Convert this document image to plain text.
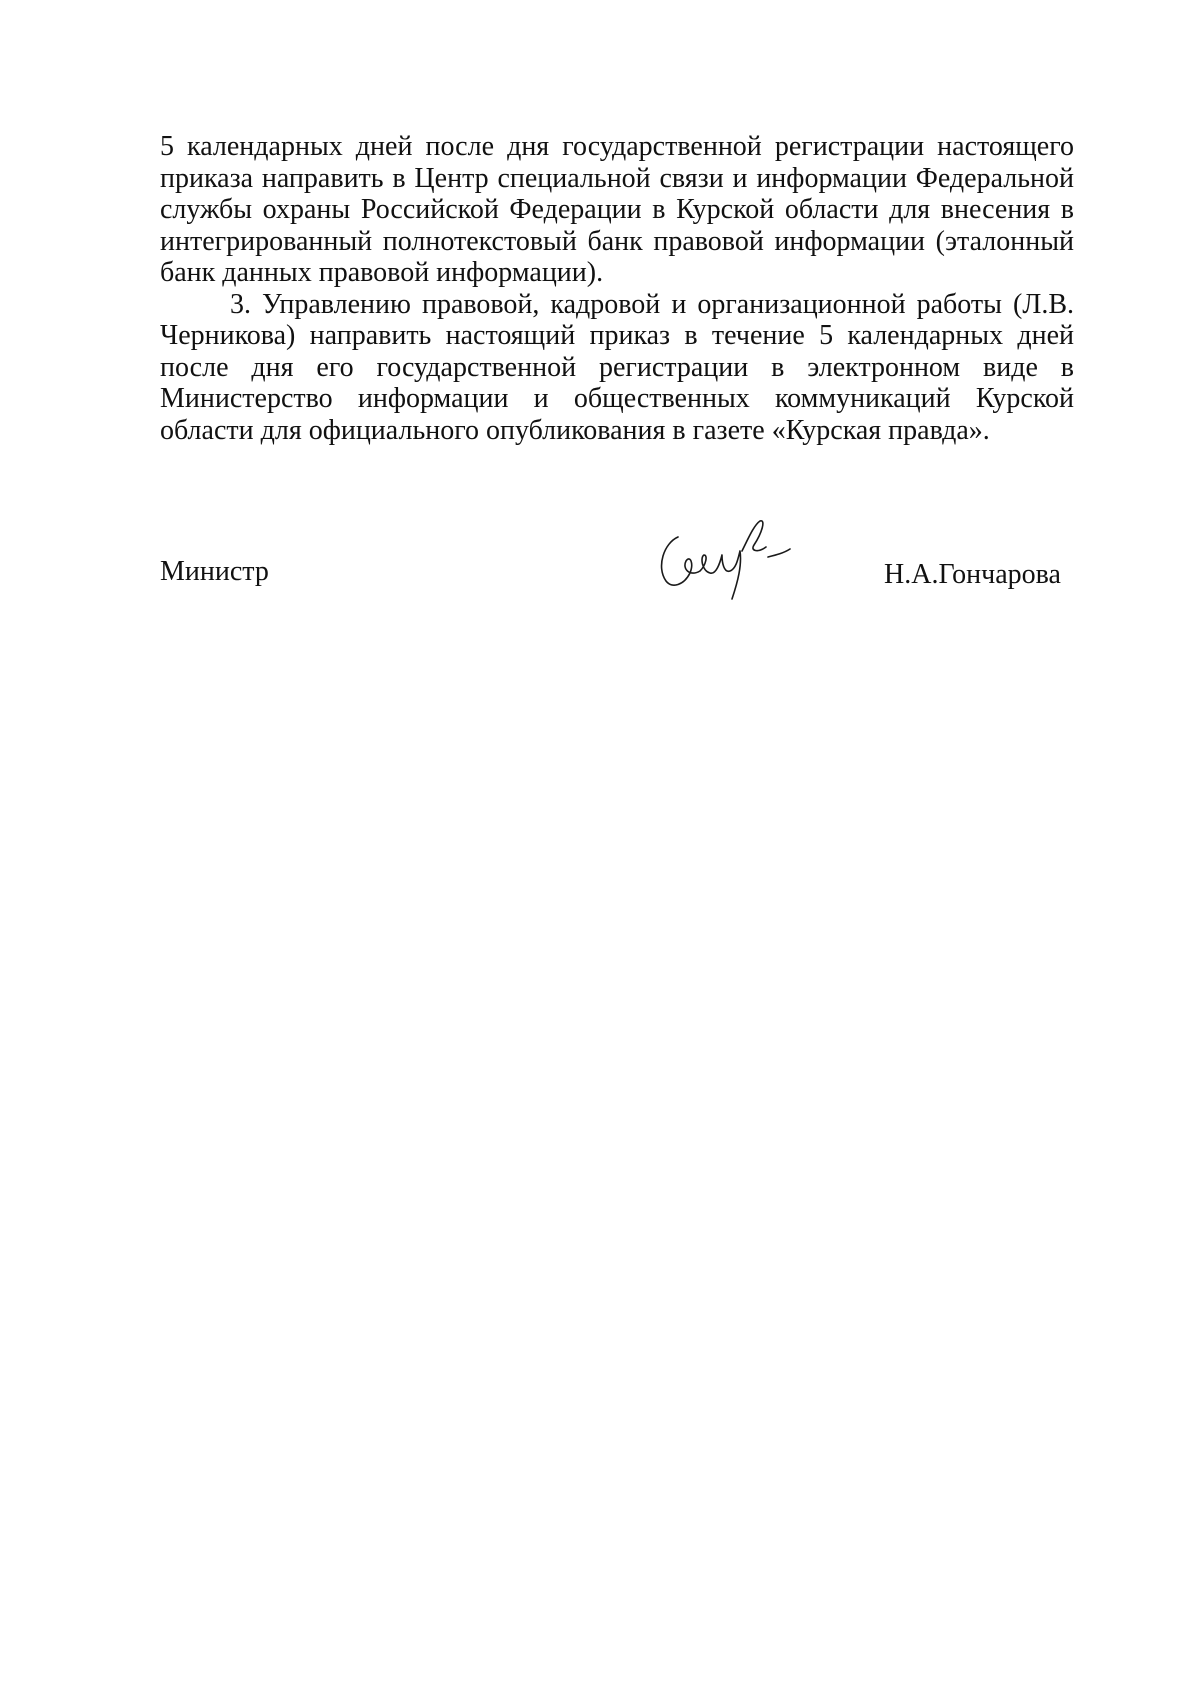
5 календарных дней после дня государственной регистрации настоящего приказа направить в Центр специальной связи и информации Федеральной службы охраны Российской Федерации в Курской области для внесения в интегрированный полнотекстовый банк правовой информации (эталонный банк данных правовой информации).

3. Управлению правовой, кадровой и организационной работы (Л.В. Черникова) направить настоящий приказ в течение 5 календарных дней после дня его государственной регистрации в электронном виде в Министерство информации и общественных коммуникаций Курской области для официального опубликования в газете «Курская правда».

Министр	Н.А.Гончарова
